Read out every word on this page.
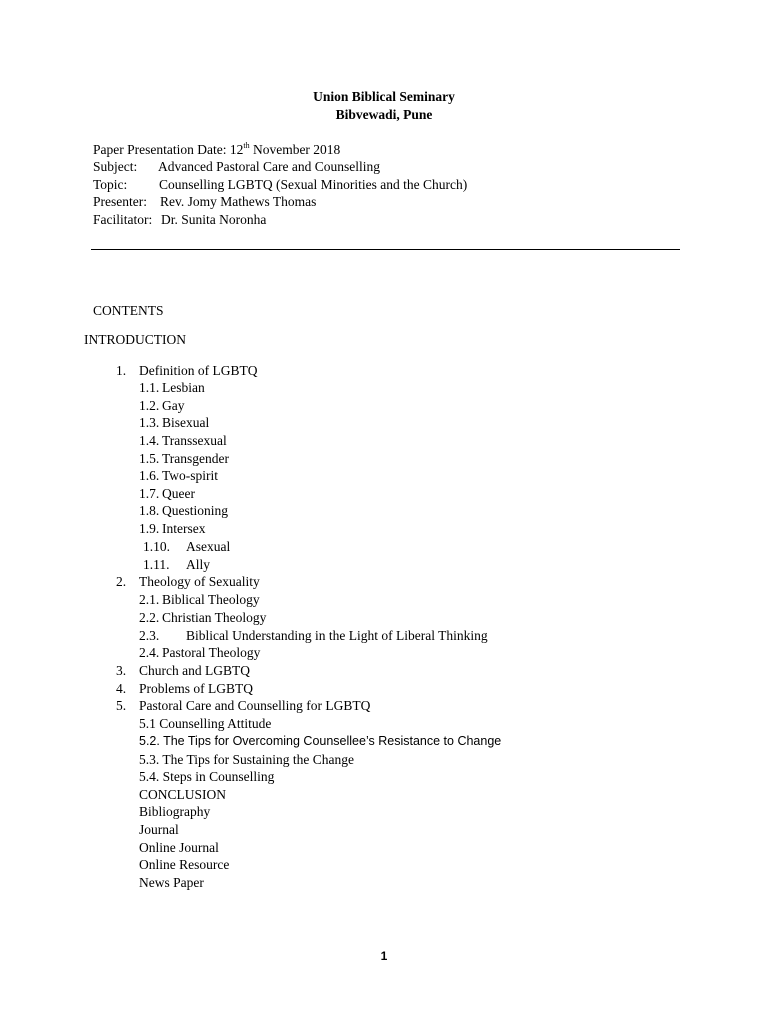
Union Biblical Seminary
Bibvewadi, Pune
Paper Presentation Date: 12th November 2018
Subject: Advanced Pastoral Care and Counselling
Topic: Counselling LGBTQ (Sexual Minorities and the Church)
Presenter: Rev. Jomy Mathews Thomas
Facilitator: Dr. Sunita Noronha
CONTENTS
INTRODUCTION
1. Definition of LGBTQ
1.1. Lesbian
1.2. Gay
1.3. Bisexual
1.4. Transsexual
1.5. Transgender
1.6. Two-spirit
1.7. Queer
1.8. Questioning
1.9. Intersex
1.10. Asexual
1.11. Ally
2. Theology of Sexuality
2.1. Biblical Theology
2.2. Christian Theology
2.3. Biblical Understanding in the Light of Liberal Thinking
2.4. Pastoral Theology
3. Church and LGBTQ
4. Problems of LGBTQ
5. Pastoral Care and Counselling for LGBTQ
5.1 Counselling Attitude
5.2. The Tips for Overcoming Counsellee’s Resistance to Change
5.3. The Tips for Sustaining the Change
5.4. Steps in Counselling
CONCLUSION
Bibliography
Journal
Online Journal
Online Resource
News Paper
1
